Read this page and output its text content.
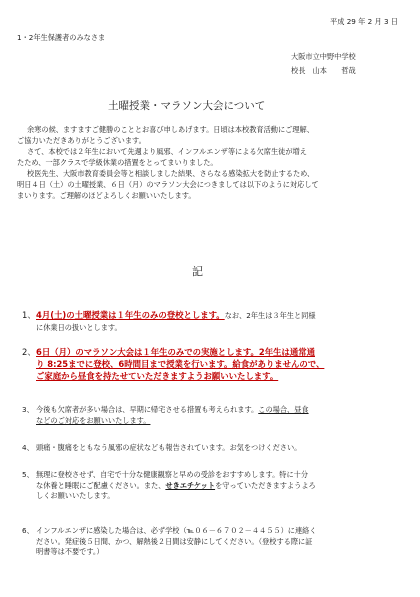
平成 29 年 2 月 3 日
1・2年生保護者のみなさま
大阪市立中野中学校
校長　山本　　哲哉
土曜授業・マラソン大会について
余寒の候、ますますご健勝のこととお喜び申しあげます。日頃は本校教育活動にご理解、
ご協力いただきありがとうございます。
さて、本校では２年生において先週より風邪、インフルエンザ等による欠席生徒が増え
たため、一部クラスで学級休業の措置をとってまいりました。
校医先生、大阪市教育委員会等と相談しました結果、さらなる感染拡大を防止するため、
明日４日（土）の土曜授業、６日（月）のマラソン大会につきましては以下のように対応して
まいります。ご理解のほどよろしくお願いいたします。
記
1、 4月(土)の土曜授業は１年生のみの登校とします。なお、2年生は３年生と同様
に休業日の扱いとします。
2、 6日（月）のマラソン大会は１年生のみでの実施とします。2年生は通常通
り 8:25までに登校、6時間目まで授業を行います。給食がありませんので、
ご家庭から昼食を持たせていただきますようお願いいたします。
3、 今後も欠席者が多い場合は、早期に帰宅させる措置も考えられます。この場合、昼食
などのご対応をお願いいたします。
4、 頭痛・腹痛をともなう風邪の症状なども報告されています。お気をつけください。
5、 無理に登校させず、自宅で十分な健康観察と早めの受診をおすすめします。特に十分
な休養と睡眠にご配慮ください。また、せきエチケットを守っていただきますようよろ
しくお願いいたします。
6、 インフルエンザに感染した場合は、必ず学校（℡０６－６７０２－４４５５）に連絡く
ださい。発症後５日間、かつ、解熱後２日間は安静にしてください。（登校する際に証
明書等は不要です。）
